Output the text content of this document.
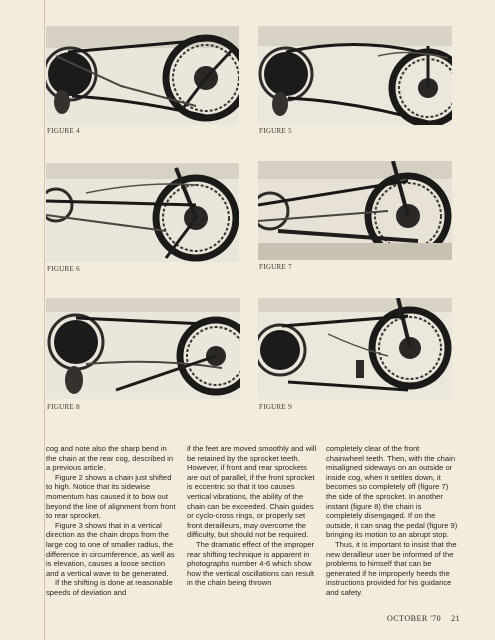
FIGURE 4	FIGURE 5
FIGURE 6	FIGURE 7
FIGURE 8	FIGURE 9

cog and note also the sharp bend in the chain at the rear cog, described in a previous article.

Figure 2 shows a chain just shifted to high. Notice that its sidewise momentum has caused it to bow out beyond the line of alignment from front to rear sprocket.

Figure 3 shows that in a vertical direction as the chain drops from the large cog to one of smaller radius, the difference in circumference, as well as is elevation, causes a loose section and a vertical wave to be generated.

If the shifting is done at reasonable speeds of deviation and

if the feet are moved smoothly and will be retained by the sprocket teeth. However, if front and rear sprockets are out of parallel, if the front sprocket is eccentric so that it too causes vertical vibrations, the ability of the chain can be exceeded. Chain guides or cyclo-cross rings, or properly set front derailleurs, may overcome the difficulty, but should not be required.

The dramatic effect of the improper rear shifting technique is apparent in photographs number 4-6 which show how the vertical oscillations can result in the chain being thrown

completely clear of the front chainwheel teeth. Then, with the chain misaligned sideways on an outside or inside cog, when it settles down, it becomes so completely off (figure 7) the side of the sprocket. In another instant (figure 8) the chain is completely disengaged. If on the outside, it can snag the pedal (figure 9) bringing its motion to an abrupt stop.

Thus, it is important to insist that the new derailleur user be informed of the problems to himself that can be generated if he improperly heeds the instructions provided for his guidance and safety.

OCTOBER '70 21
